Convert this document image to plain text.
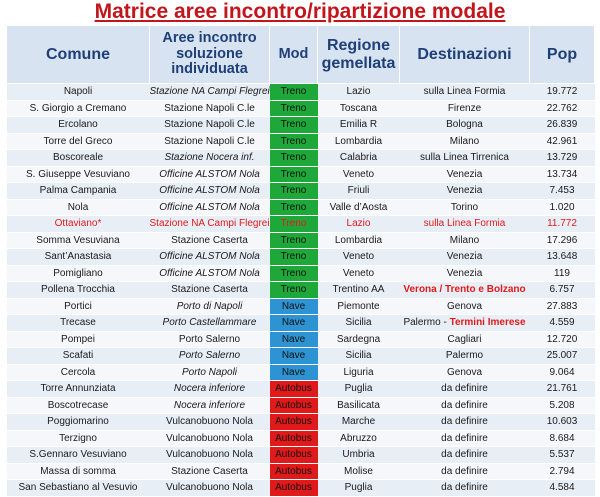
Matrice aree incontro/ripartizione modale
Comune	Aree incontro soluzione individuata	Mod	Regione gemellata	Destinazioni	Pop
Napoli	Stazione NA Campi Flegrei	Treno	Lazio	sulla Linea Formia	19.772
S. Giorgio a Cremano	Stazione Napoli C.le	Treno	Toscana	Firenze	22.762
Ercolano	Stazione Napoli C.le	Treno	Emilia R	Bologna	26.839
Torre del Greco	Stazione Napoli C.le	Treno	Lombardia	Milano	42.961
Boscoreale	Stazione Nocera inf.	Treno	Calabria	sulla Linea Tirrenica	13.729
S. Giuseppe Vesuviano	Officine ALSTOM Nola	Treno	Veneto	Venezia	13.734
Palma Campania	Officine ALSTOM Nola	Treno	Friuli	Venezia	7.453
Nola	Officine ALSTOM Nola	Treno	Valle d’Aosta	Torino	1.020
Ottaviano*	Stazione NA Campi Flegrei	Treno	Lazio	sulla Linea Formia	11.772
Somma Vesuviana	Stazione Caserta	Treno	Lombardia	Milano	17.296
Sant’Anastasia	Officine ALSTOM Nola	Treno	Veneto	Venezia	13.648
Pomigliano	Officine ALSTOM Nola	Treno	Veneto	Venezia	119
Pollena Trocchia	Stazione Caserta	Treno	Trentino AA	Verona / Trento e Bolzano	6.757
Portici	Porto di Napoli	Nave	Piemonte	Genova	27.883
Trecase	Porto Castellammare	Nave	Sicilia	Palermo - Termini Imerese	4.559
Pompei	Porto Salerno	Nave	Sardegna	Cagliari	12.720
Scafati	Porto Salerno	Nave	Sicilia	Palermo	25.007
Cercola	Porto Napoli	Nave	Liguria	Genova	9.064
Torre Annunziata	Nocera inferiore	Autobus	Puglia	da definire	21.761
Boscotrecase	Nocera inferiore	Autobus	Basilicata	da definire	5.208
Poggiomarino	Vulcanobuono Nola	Autobus	Marche	da definire	10.603
Terzigno	Vulcanobuono Nola	Autobus	Abruzzo	da definire	8.684
S.Gennaro Vesuviano	Vulcanobuono Nola	Autobus	Umbria	da definire	5.537
Massa di somma	Stazione Caserta	Autobus	Molise	da definire	2.794
San Sebastiano al Vesuvio	Vulcanobuono Nola	Autobus	Puglia	da definire	4.584
